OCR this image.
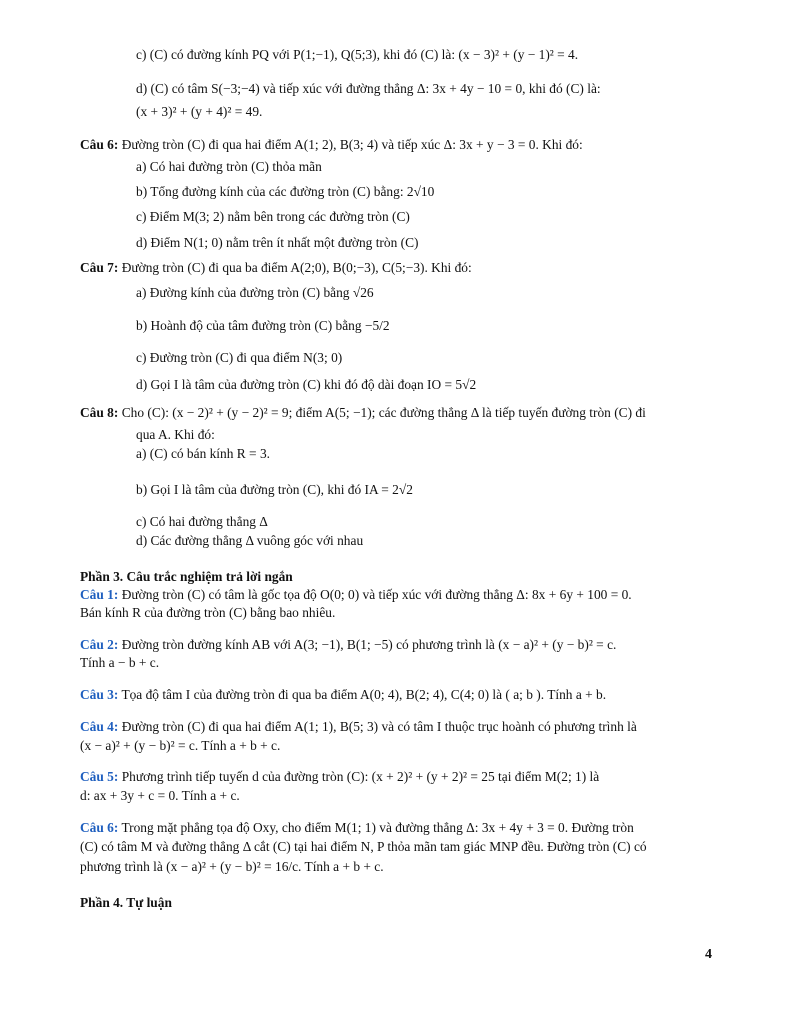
c) (C) có đường kính PQ với P(1;−1), Q(5;3), khi đó (C) là: (x − 3)² + (y − 1)² = 4.
d) (C) có tâm S(−3;−4) và tiếp xúc với đường thẳng Δ: 3x + 4y − 10 = 0, khi đó (C) là:
(x + 3)² + (y + 4)² = 49.
Câu 6: Đường tròn (C) đi qua hai điểm A(1; 2), B(3; 4) và tiếp xúc Δ: 3x + y − 3 = 0. Khi đó:
a) Có hai đường tròn (C) thỏa mãn
b) Tổng đường kính của các đường tròn (C) bằng: 2√10
c) Điểm M(3; 2) nằm bên trong các đường tròn (C)
d) Điểm N(1; 0) nằm trên ít nhất một đường tròn (C)
Câu 7: Đường tròn (C) đi qua ba điểm A(2;0), B(0;−3), C(5;−3). Khi đó:
a) Đường kính của đường tròn (C) bằng √26
b) Hoành độ của tâm đường tròn (C) bằng −5/2
c) Đường tròn (C) đi qua điểm N(3; 0)
d) Gọi I là tâm của đường tròn (C) khi đó độ dài đoạn IO = 5√2
Câu 8: Cho (C): (x − 2)² + (y − 2)² = 9; điểm A(5; −1); các đường thẳng Δ là tiếp tuyến đường tròn (C) đi
qua A. Khi đó:
a) (C) có bán kính R = 3.
b) Gọi I là tâm của đường tròn (C), khi đó IA = 2√2
c) Có hai đường thẳng Δ
d) Các đường thẳng Δ vuông góc với nhau
Phần 3. Câu trắc nghiệm trả lời ngắn
Câu 1: Đường tròn (C) có tâm là gốc tọa độ O(0; 0) và tiếp xúc với đường thẳng Δ: 8x + 6y + 100 = 0.
Bán kính R của đường tròn (C) bằng bao nhiêu.
Câu 2: Đường tròn đường kính AB với A(3; −1), B(1; −5) có phương trình là (x − a)² + (y − b)² = c.
Tính a − b + c.
Câu 3: Tọa độ tâm I của đường tròn đi qua ba điểm A(0; 4), B(2; 4), C(4; 0) là ( a; b ). Tính a + b.
Câu 4: Đường tròn (C) đi qua hai điểm A(1; 1), B(5; 3) và có tâm I thuộc trục hoành có phương trình là
(x − a)² + (y − b)² = c. Tính a + b + c.
Câu 5: Phương trình tiếp tuyến d của đường tròn (C): (x + 2)² + (y + 2)² = 25 tại điểm M(2; 1) là
d: ax + 3y + c = 0. Tính a + c.
Câu 6: Trong mặt phẳng tọa độ Oxy, cho điểm M(1; 1) và đường thẳng Δ: 3x + 4y + 3 = 0. Đường tròn
(C) có tâm M và đường thẳng Δ cắt (C) tại hai điểm N, P thỏa mãn tam giác MNP đều. Đường tròn (C) có
phương trình là (x − a)² + (y − b)² = 16/c. Tính a + b + c.
Phần 4. Tự luận
4
